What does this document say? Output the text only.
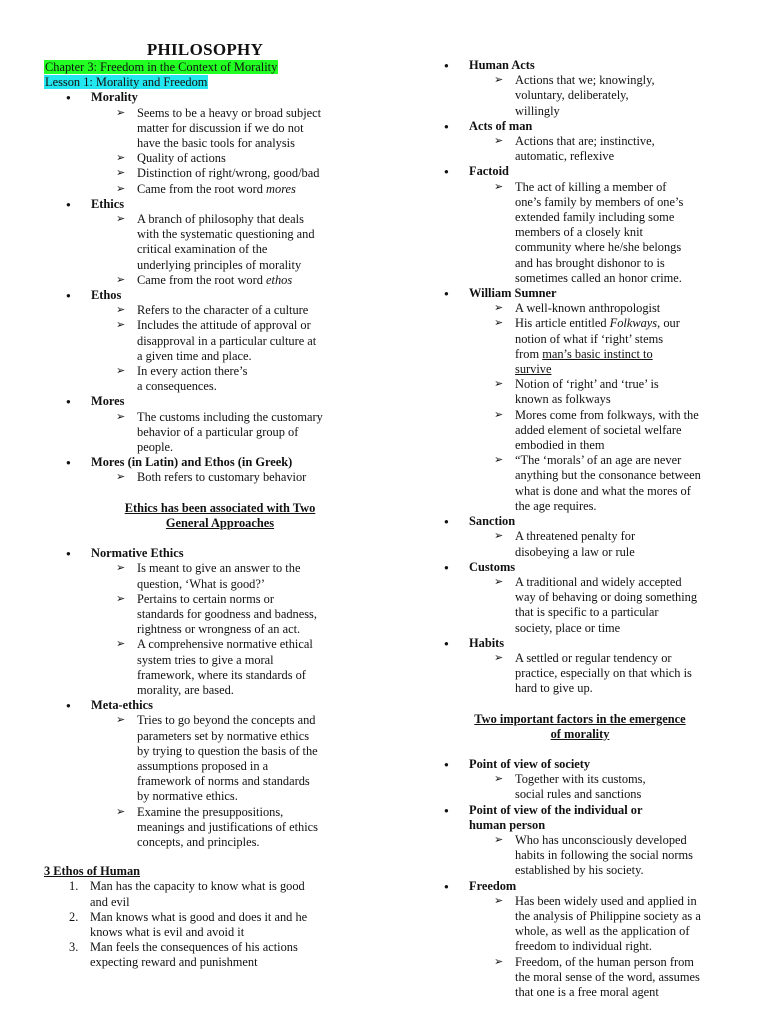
PHILOSOPHY
Chapter 3: Freedom in the Context of Morality
Lesson 1: Morality and Freedom
● Morality
➢ Seems to be a heavy or broad subject
matter for discussion if we do not
have the basic tools for analysis
➢ Quality of actions
➢ Distinction of right/wrong, good/bad
➢ Came from the root word mores
● Ethics
➢ A branch of philosophy that deals
with the systematic questioning and
critical examination of the
underlying principles of morality
➢ Came from the root word ethos
● Ethos
➢ Refers to the character of a culture
➢ Includes the attitude of approval or
disapproval in a particular culture at
a given time and place.
➢ In every action there’s
a consequences.
● Mores
➢ The customs including the customary
behavior of a particular group of
people.
● Mores (in Latin) and Ethos (in Greek)
➢ Both refers to customary behavior
Ethics has been associated with Two
General Approaches
● Normative Ethics
➢ Is meant to give an answer to the
question, ‘What is good?’
➢ Pertains to certain norms or
standards for goodness and badness,
rightness or wrongness of an act.
➢ A comprehensive normative ethical
system tries to give a moral
framework, where its standards of
morality, are based.
● Meta-ethics
➢ Tries to go beyond the concepts and
parameters set by normative ethics
by trying to question the basis of the
assumptions proposed in a
framework of norms and standards
by normative ethics.
➢ Examine the presuppositions,
meanings and justifications of ethics
concepts, and principles.
3 Ethos of Human
1. Man has the capacity to know what is good
and evil
2. Man knows what is good and does it and he
knows what is evil and avoid it
3. Man feels the consequences of his actions
expecting reward and punishment
● Human Acts
➢ Actions that we; knowingly,
voluntary, deliberately,
willingly
● Acts of man
➢ Actions that are; instinctive,
automatic, reflexive
● Factoid
➢ The act of killing a member of
one’s family by members of one’s
extended family including some
members of a closely knit
community where he/she belongs
and has brought dishonor to is
sometimes called an honor crime.
● William Sumner
➢ A well-known anthropologist
➢ His article entitled Folkways, our
notion of what if ‘right’ stems
from man’s basic instinct to
survive
➢ Notion of ‘right’ and ‘true’ is
known as folkways
➢ Mores come from folkways, with the
added element of societal welfare
embodied in them
➢ “The ‘morals’ of an age are never
anything but the consonance between
what is done and what the mores of
the age requires.
● Sanction
➢ A threatened penalty for
disobeying a law or rule
● Customs
➢ A traditional and widely accepted
way of behaving or doing something
that is specific to a particular
society, place or time
● Habits
➢ A settled or regular tendency or
practice, especially on that which is
hard to give up.
Two important factors in the emergence
of morality
● Point of view of society
➢ Together with its customs,
social rules and sanctions
● Point of view of the individual or
human person
➢ Who has unconsciously developed
habits in following the social norms
established by his society.
● Freedom
➢ Has been widely used and applied in
the analysis of Philippine society as a
whole, as well as the application of
freedom to individual right.
➢ Freedom, of the human person from
the moral sense of the word, assumes
that one is a free moral agent
